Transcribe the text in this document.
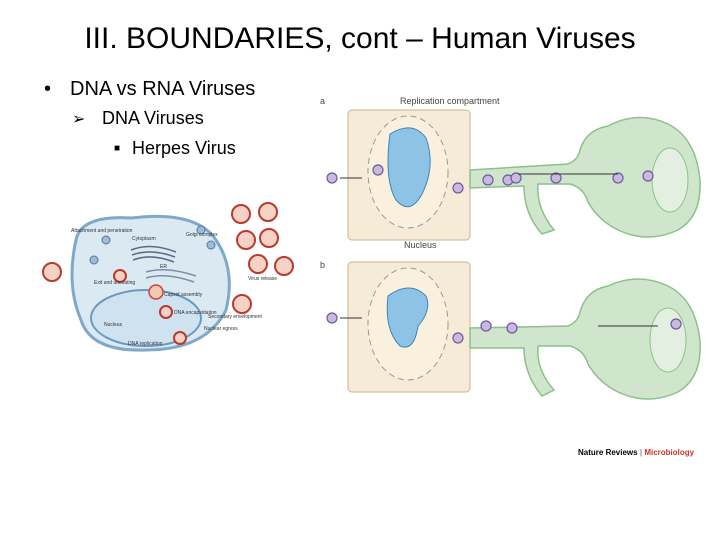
III. BOUNDARIES, cont – Human Viruses
• DNA vs RNA Viruses
➢ DNA Viruses
■ Herpes Virus
Attachment and penetration
Cytoplasm
Golgi complex
ER
Exit and uncoating
Capsid assembly
DNA encapsidation
Secondary envelopment
Nuclear egress
Nucleus
DNA replication
Virus release
a	Replication compartment
Nucleus
b
Nature Reviews | Microbiology
